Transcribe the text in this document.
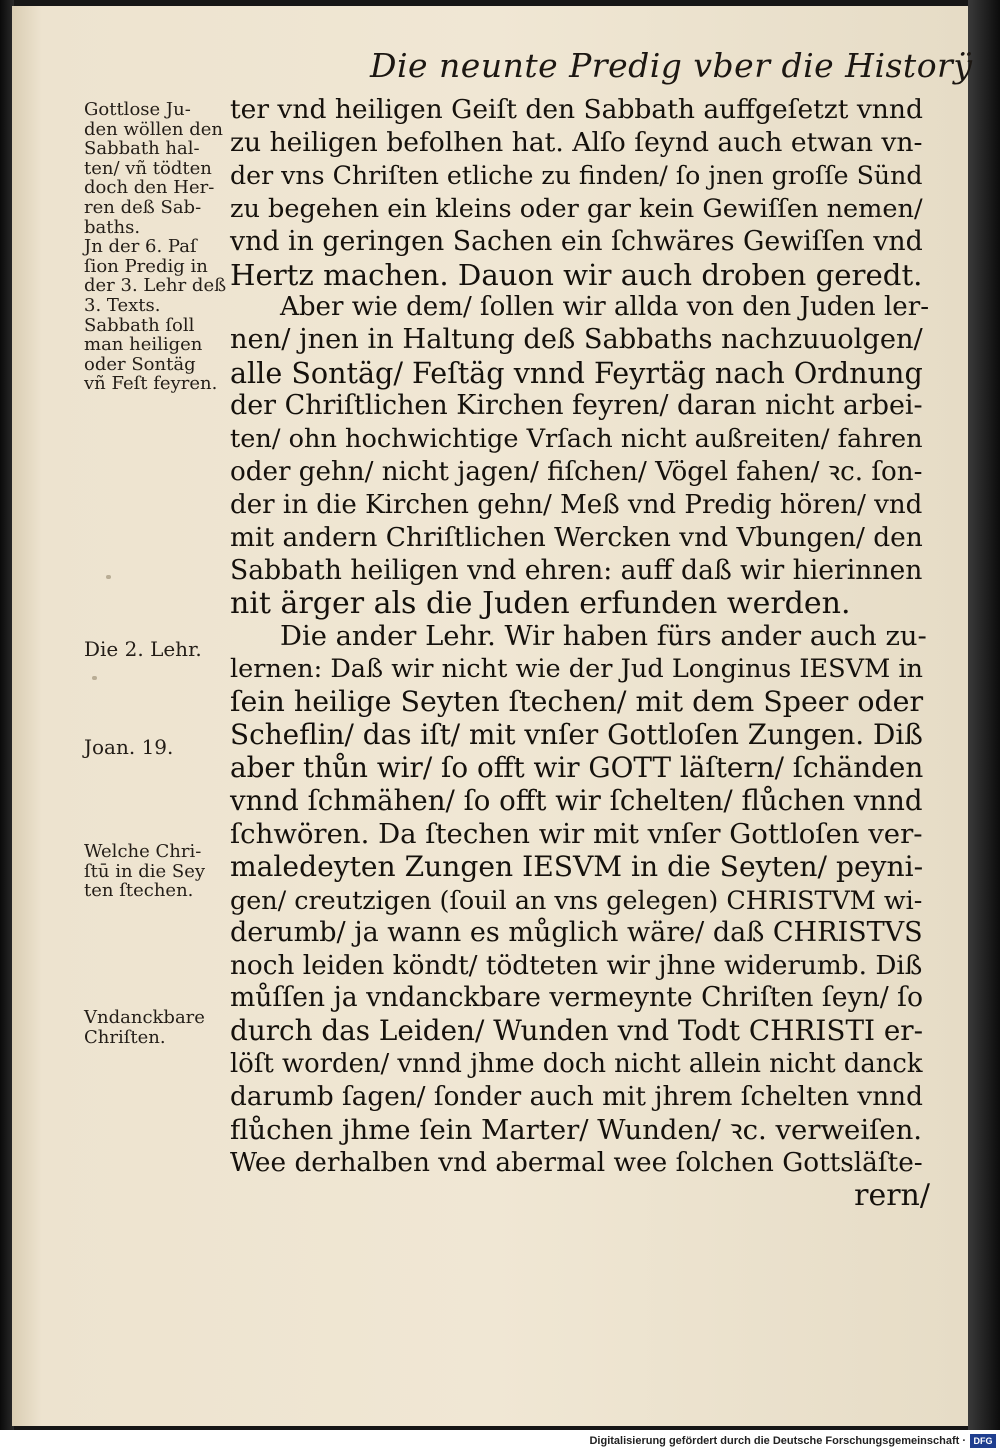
Die neunte Predig vber die Historÿ
Gottlose Ju-
den wöllen den
Sabbath hal-
ten/ vñ tödten
doch den Her-
ren deß Sab-
baths.
Jn der 6. Paſ
ſion Predig in
der 3. Lehr deß
3. Texts.
Sabbath ſoll
man heiligen
oder Sontäg
vñ Feſt feyren.
Die 2. Lehr.
Joan. 19.
Welche Chri-
ſtū in die Sey
ten ſtechen.
Vndanckbare
Chriſten.
ter vnd heiligen Geiſt den Sabbath auffgeſetzt vnnd
zu heiligen befolhen hat. Alſo ſeynd auch etwan vn-
der vns Chriſten etliche zu finden/ ſo jnen groſſe Sünd
zu begehen ein kleins oder gar kein Gewiſſen nemen/
vnd in geringen Sachen ein ſchwäres Gewiſſen vnd
Hertz machen. Dauon wir auch droben geredt.
Aber wie dem/ ſollen wir allda von den Juden ler-
nen/ jnen in Haltung deß Sabbaths nachzuuolgen/
alle Sontäg/ Feſtäg vnnd Feyrtäg nach Ordnung
der Chriſtlichen Kirchen feyren/ daran nicht arbei-
ten/ ohn hochwichtige Vrſach nicht außreiten/ fahren
oder gehn/ nicht jagen/ fiſchen/ Vögel fahen/ ꝛc. ſon-
der in die Kirchen gehn/ Meß vnd Predig hören/ vnd
mit andern Chriſtlichen Wercken vnd Vbungen/ den
Sabbath heiligen vnd ehren: auff daß wir hierinnen
nit ärger als die Juden erfunden werden.
Die ander Lehr. Wir haben fürs ander auch zu-
lernen: Daß wir nicht wie der Jud Longinus IESVM in
ſein heilige Seyten ſtechen/ mit dem Speer oder
Scheflin/ das iſt/ mit vnſer Gottloſen Zungen. Diß
aber thůn wir/ ſo offt wir GOTT läſtern/ ſchänden
vnnd ſchmähen/ ſo offt wir ſchelten/ flůchen vnnd
ſchwören. Da ſtechen wir mit vnſer Gottloſen ver-
maledeyten Zungen IESVM in die Seyten/ peyni-
gen/ creutzigen (ſouil an vns gelegen) CHRISTVM wi-
derumb/ ja wann es můglich wäre/ daß CHRISTVS
noch leiden köndt/ tödteten wir jhne widerumb. Diß
můſſen ja vndanckbare vermeynte Chriſten ſeyn/ ſo
durch das Leiden/ Wunden vnd Todt CHRISTI er-
löſt worden/ vnnd jhme doch nicht allein nicht danck
darumb ſagen/ ſonder auch mit jhrem ſchelten vnnd
flůchen jhme ſein Marter/ Wunden/ ꝛc. verweiſen.
Wee derhalben vnd abermal wee ſolchen Gottsläſte-
rern/
Digitalisierung gefördert durch die Deutsche Forschungsgemeinschaft · DFG
